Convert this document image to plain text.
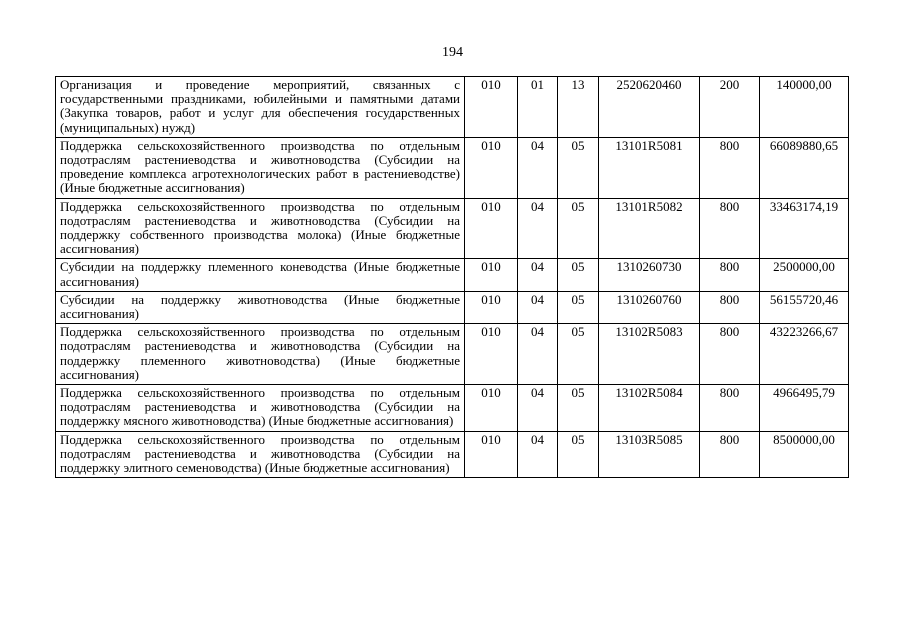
194
Организация и проведение мероприятий, связанных с государственными праздниками, юбилейными и памятными датами (Закупка товаров, работ и услуг для обеспечения государственных (муниципальных) нужд)	010	01	13	2520620460	200	140000,00
Поддержка сельскохозяйственного производства по отдельным подотраслям растениеводства и животноводства (Субсидии на проведение комплекса агротехнологических работ в растениеводстве) (Иные бюджетные ассигнования)	010	04	05	13101R5081	800	66089880,65
Поддержка сельскохозяйственного производства по отдельным подотраслям растениеводства и животноводства (Субсидии на поддержку собственного производства молока) (Иные бюджетные ассигнования)	010	04	05	13101R5082	800	33463174,19
Субсидии на поддержку племенного коневодства (Иные бюджетные ассигнования)	010	04	05	1310260730	800	2500000,00
Субсидии на поддержку животноводства (Иные бюджетные ассигнования)	010	04	05	1310260760	800	56155720,46
Поддержка сельскохозяйственного производства по отдельным подотраслям растениеводства и животноводства (Субсидии на поддержку племенного животноводства) (Иные бюджетные ассигнования)	010	04	05	13102R5083	800	43223266,67
Поддержка сельскохозяйственного производства по отдельным подотраслям растениеводства и животноводства (Субсидии на поддержку мясного животноводства) (Иные бюджетные ассигнования)	010	04	05	13102R5084	800	4966495,79
Поддержка сельскохозяйственного производства по отдельным подотраслям растениеводства и животноводства (Субсидии на поддержку элитного семеноводства) (Иные бюджетные ассигнования)	010	04	05	13103R5085	800	8500000,00
